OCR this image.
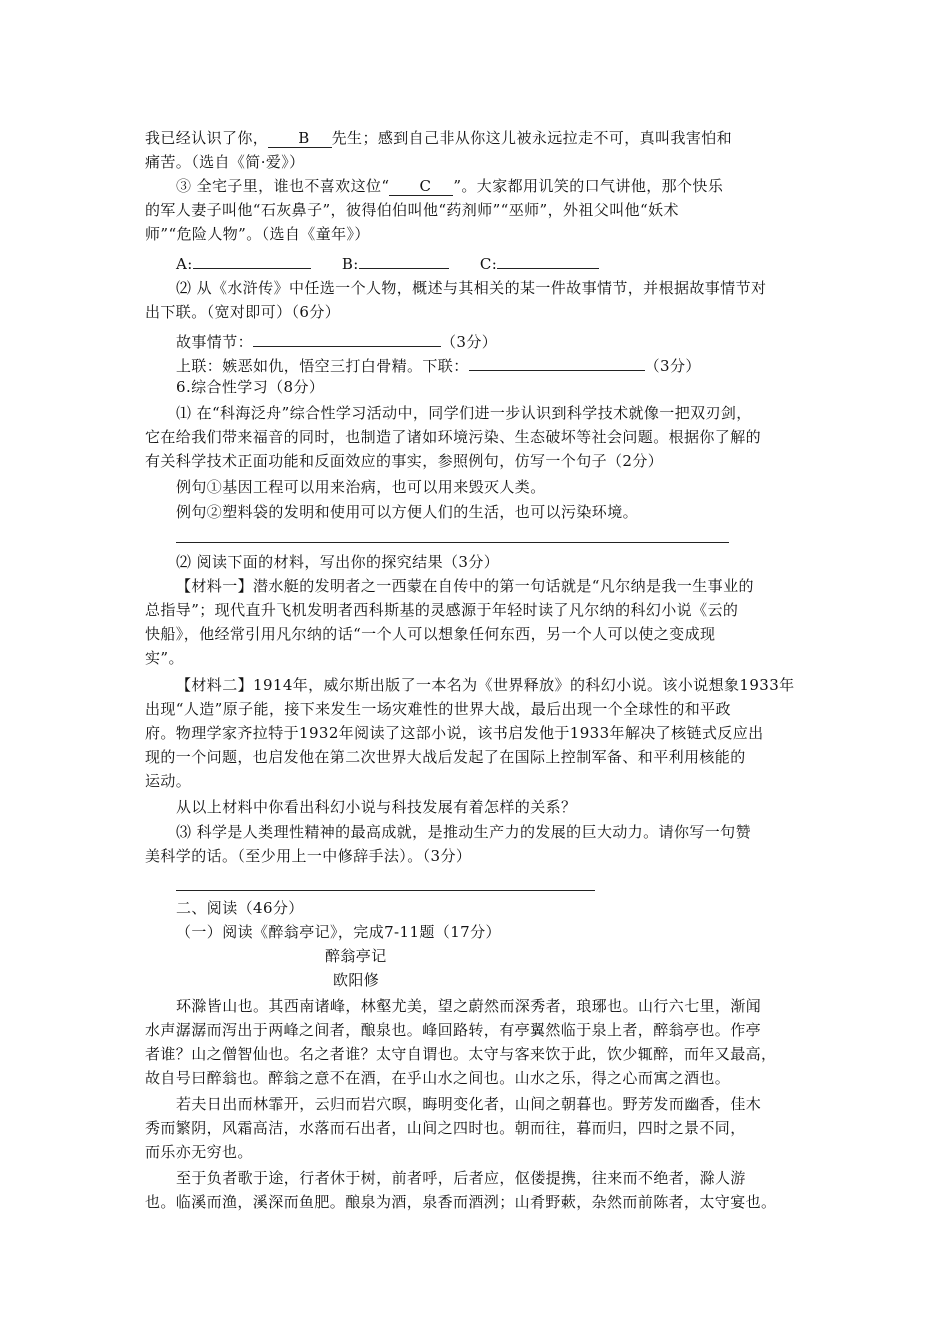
我已经认识了你， B 先生；感到自己非从你这儿被永远拉走不可，真叫我害怕和
痛苦。（选自《简·爱》）
③ 全宅子里，谁也不喜欢这位“ C ”。大家都用讥笑的口气讲他，那个快乐
的军人妻子叫他“石灰鼻子”，彼得伯伯叫他“药剂师”“巫师”，外祖父叫他“妖术
师”“危险人物”。（选自《童年》）
A:	B:	C:
⑵ 从《水浒传》中任选一个人物，概述与其相关的某一件故事情节，并根据故事情节对
出下联。（宽对即可）（6分）
故事情节：	（3分）
上联：嫉恶如仇，悟空三打白骨精。下联：	（3分）
6.综合性学习（8分）
⑴ 在“科海泛舟”综合性学习活动中，同学们进一步认识到科学技术就像一把双刃剑，
它在给我们带来福音的同时，也制造了诸如环境污染、生态破坏等社会问题。根据你了解的
有关科学技术正面功能和反面效应的事实，参照例句，仿写一个句子（2分）
例句①基因工程可以用来治病，也可以用来毁灭人类。
例句②塑料袋的发明和使用可以方便人们的生活，也可以污染环境。
⑵ 阅读下面的材料，写出你的探究结果（3分）
【材料一】潜水艇的发明者之一西蒙在自传中的第一句话就是“凡尔纳是我一生事业的
总指导”；现代直升飞机发明者西科斯基的灵感源于年轻时读了凡尔纳的科幻小说《云的
快船》，他经常引用凡尔纳的话“一个人可以想象任何东西，另一个人可以使之变成现
实”。
【材料二】1914年，威尔斯出版了一本名为《世界释放》的科幻小说。该小说想象1933年
出现“人造”原子能，接下来发生一场灾难性的世界大战，最后出现一个全球性的和平政
府。物理学家齐拉特于1932年阅读了这部小说，该书启发他于1933年解决了核链式反应出
现的一个问题，也启发他在第二次世界大战后发起了在国际上控制军备、和平利用核能的
运动。
从以上材料中你看出科幻小说与科技发展有着怎样的关系？
⑶ 科学是人类理性精神的最高成就，是推动生产力的发展的巨大动力。请你写一句赞
美科学的话。（至少用上一中修辞手法）。（3分）
二、阅读（46分）
（一）阅读《醉翁亭记》，完成7-11题（17分）
醉翁亭记
欧阳修
环滁皆山也。其西南诸峰，林壑尤美，望之蔚然而深秀者，琅琊也。山行六七里，渐闻
水声潺潺而泻出于两峰之间者，酿泉也。峰回路转，有亭翼然临于泉上者，醉翁亭也。作亭
者谁？山之僧智仙也。名之者谁？太守自谓也。太守与客来饮于此，饮少辄醉，而年又最高，
故自号曰醉翁也。醉翁之意不在酒，在乎山水之间也。山水之乐，得之心而寓之酒也。
若夫日出而林霏开，云归而岩穴暝，晦明变化者，山间之朝暮也。野芳发而幽香，佳木
秀而繁阴，风霜高洁，水落而石出者，山间之四时也。朝而往，暮而归，四时之景不同，
而乐亦无穷也。
至于负者歌于途，行者休于树，前者呼，后者应，伛偻提携，往来而不绝者，滁人游
也。临溪而渔，溪深而鱼肥。酿泉为酒，泉香而酒洌；山肴野蔌，杂然而前陈者，太守宴也。
